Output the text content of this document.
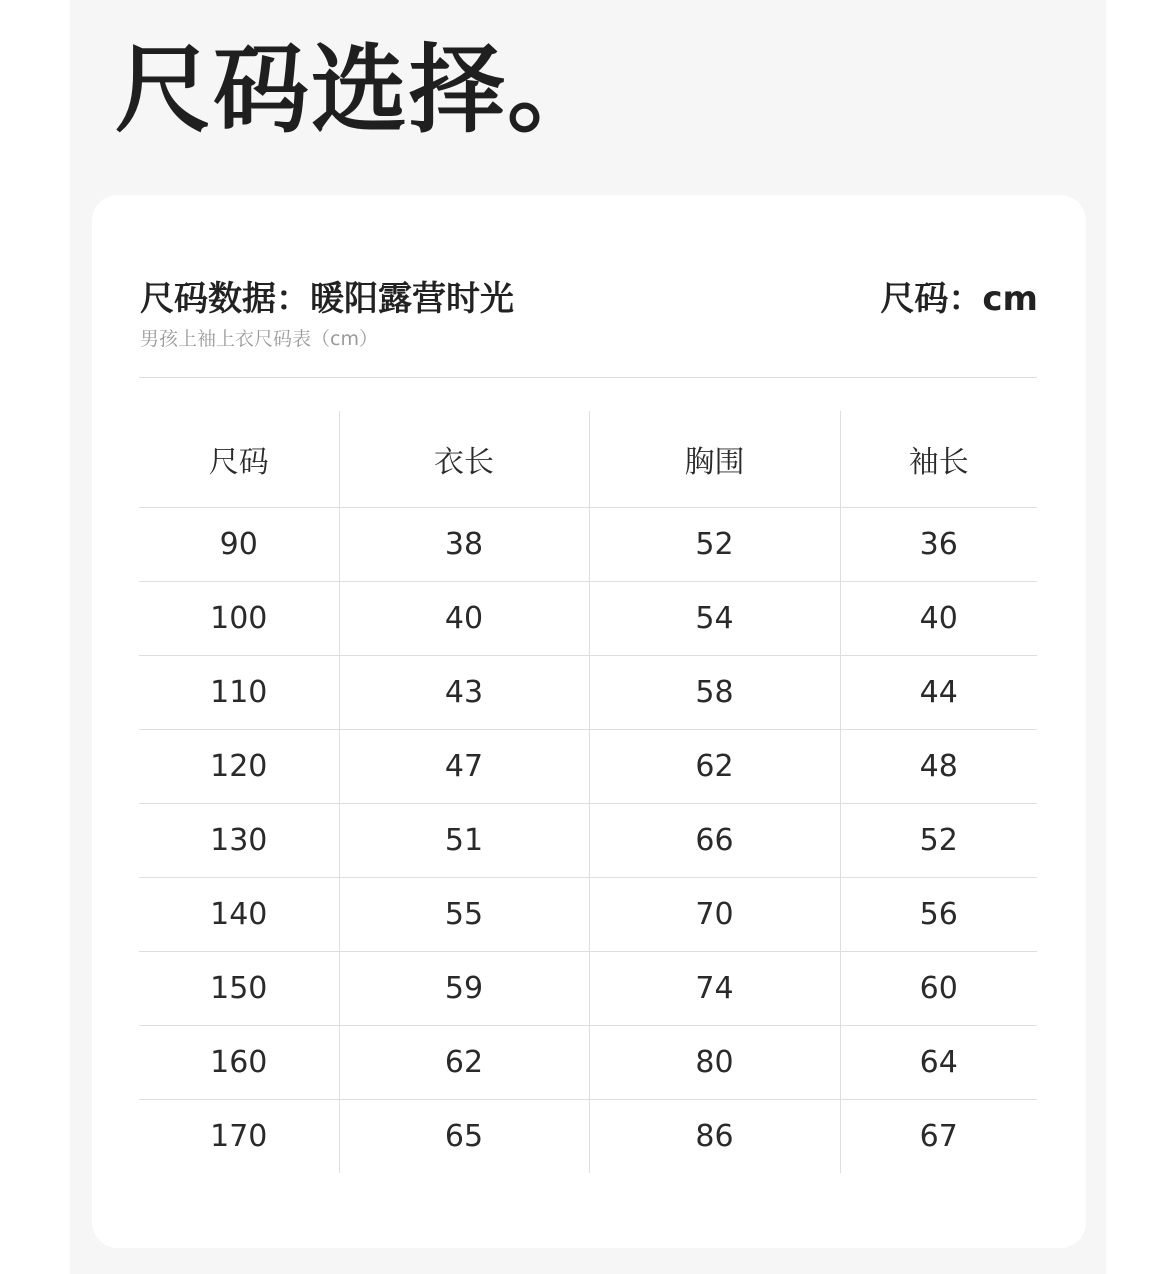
尺码选择。
尺码数据：暖阳露营时光
男孩上袖上衣尺码表（cm）
尺码：cm
尺码	衣长	胸围	袖长
90	38	52	36
100	40	54	40
110	43	58	44
120	47	62	48
130	51	66	52
140	55	70	56
150	59	74	60
160	62	80	64
170	65	86	67
